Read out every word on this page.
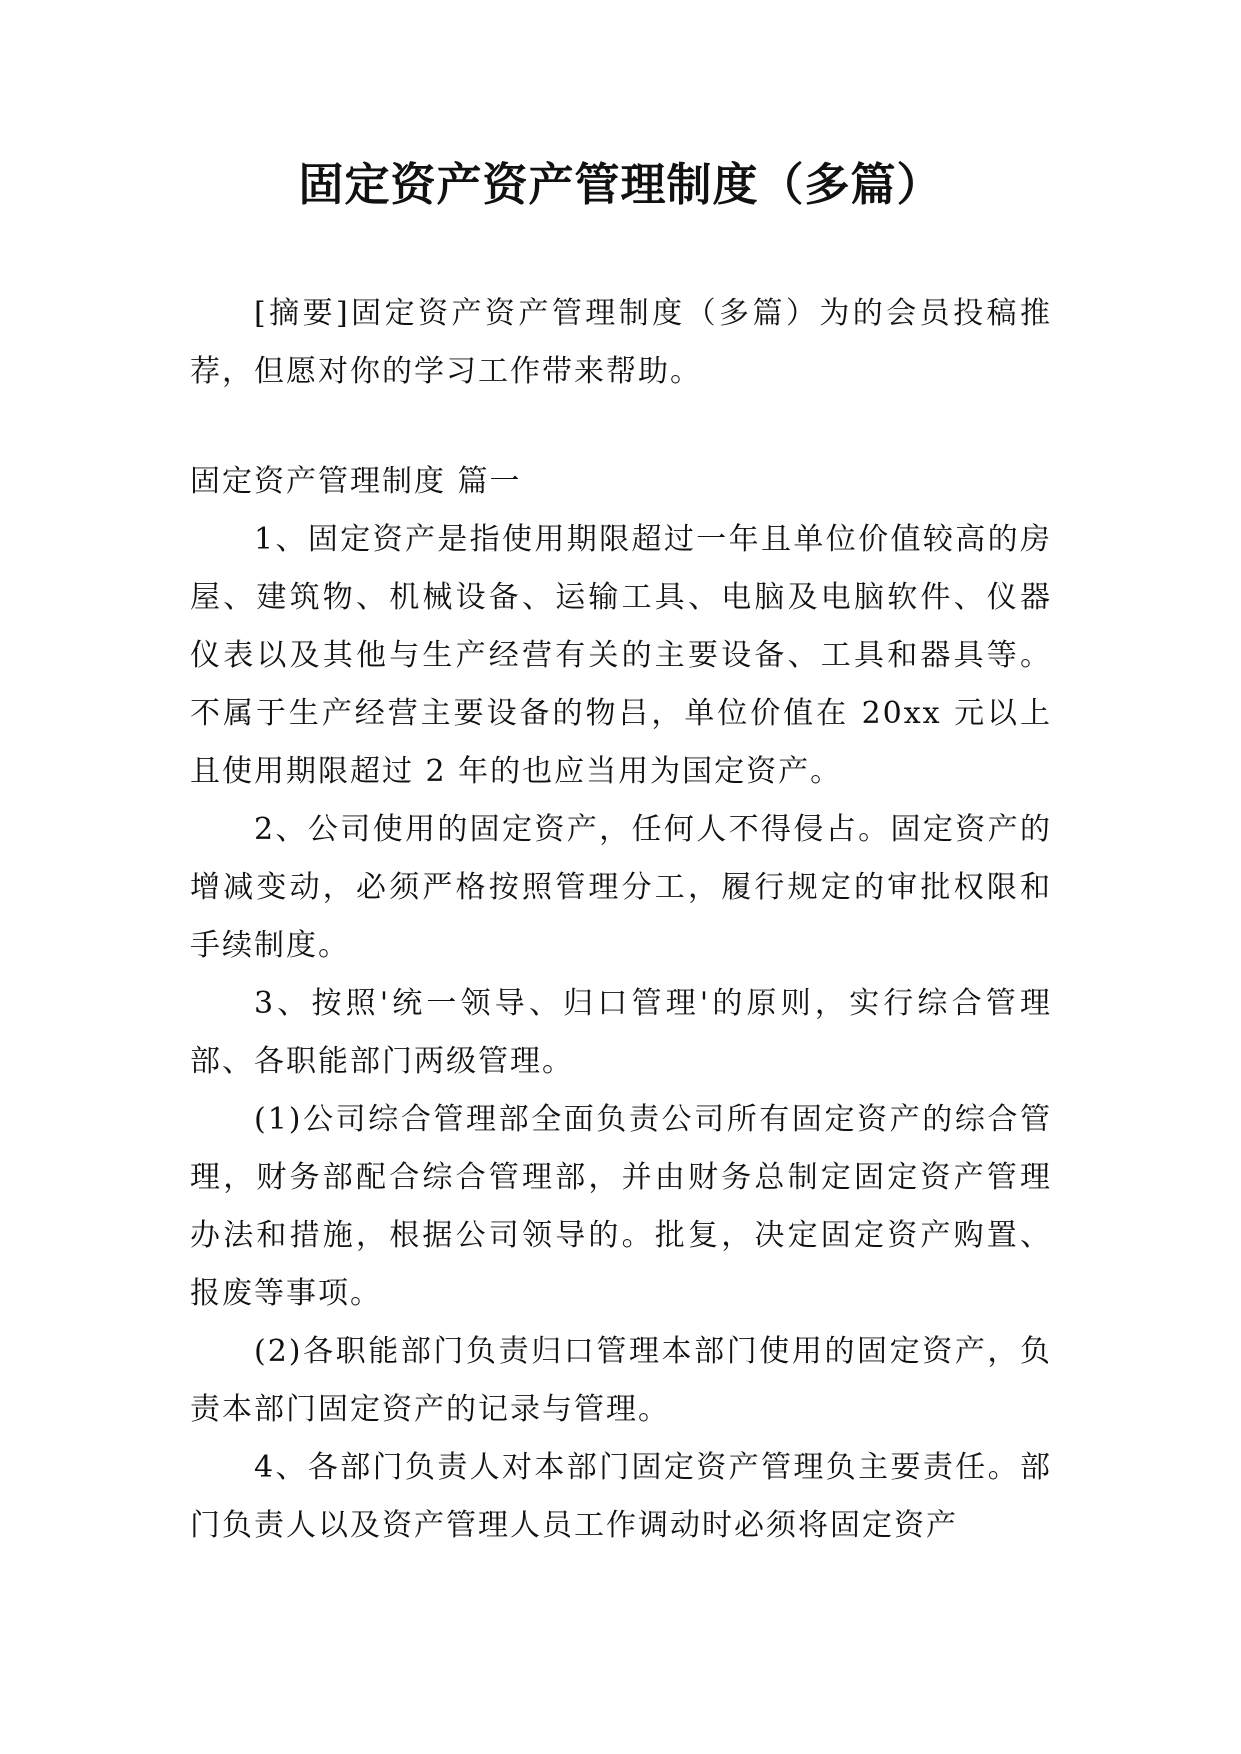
固定资产资产管理制度（多篇）

[摘要]固定资产资产管理制度（多篇）为的会员投稿推荐，但愿对你的学习工作带来帮助。

固定资产管理制度 篇一

1、固定资产是指使用期限超过一年且单位价值较高的房屋、建筑物、机械设备、运输工具、电脑及电脑软件、仪器仪表以及其他与生产经营有关的主要设备、工具和器具等。不属于生产经营主要设备的物吕，单位价值在 20xx 元以上且使用期限超过 2 年的也应当用为国定资产。

2、公司使用的固定资产，任何人不得侵占。固定资产的增减变动，必须严格按照管理分工，履行规定的审批权限和手续制度。

3、按照'统一领导、归口管理'的原则，实行综合管理部、各职能部门两级管理。

(1)公司综合管理部全面负责公司所有固定资产的综合管理，财务部配合综合管理部，并由财务总制定固定资产管理办法和措施，根据公司领导的。批复，决定固定资产购置、报废等事项。

(2)各职能部门负责归口管理本部门使用的固定资产，负责本部门固定资产的记录与管理。

4、各部门负责人对本部门固定资产管理负主要责任。部门负责人以及资产管理人员工作调动时必须将固定资产
